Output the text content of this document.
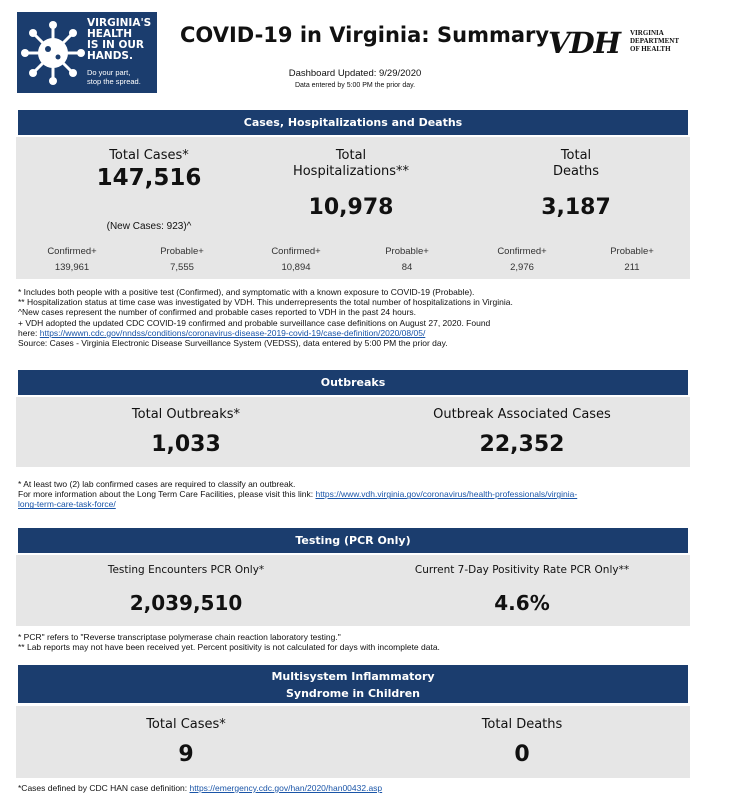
VIRGINIA'S
HEALTH
IS IN OUR
HANDS.
Do your part,
stop the spread.
COVID-19 in Virginia: Summary
VDH VIRGINIA
DEPARTMENT
OF HEALTH
Dashboard Updated: 9/29/2020
Data entered by 5:00 PM the prior day.
Cases, Hospitalizations and Deaths
Total Cases*
147,516
(New Cases: 923)^
Total
Hospitalizations**
10,978
Total
Deaths
3,187
Confirmed+
139,961
Probable+
7,555
Confirmed+
10,894
Probable+
84
Confirmed+
2,976
Probable+
211
* Includes both people with a positive test (Confirmed), and symptomatic with a known exposure to COVID-19 (Probable).
** Hospitalization status at time case was investigated by VDH. This underrepresents the total number of hospitalizations in Virginia.
^New cases represent the number of confirmed and probable cases reported to VDH in the past 24 hours.
+ VDH adopted the updated CDC COVID-19 confirmed and probable surveillance case definitions on August 27, 2020. Found
here: https://wwwn.cdc.gov/nndss/conditions/coronavirus-disease-2019-covid-19/case-definition/2020/08/05/
Source: Cases - Virginia Electronic Disease Surveillance System (VEDSS), data entered by 5:00 PM the prior day.
Outbreaks
Total Outbreaks*
1,033
Outbreak Associated Cases
22,352
* At least two (2) lab confirmed cases are required to classify an outbreak.
For more information about the Long Term Care Facilities, please visit this link: https://www.vdh.virginia.gov/coronavirus/health-professionals/virginia-
long-term-care-task-force/
Testing (PCR Only)
Testing Encounters PCR Only*
2,039,510
Current 7-Day Positivity Rate PCR Only**
4.6%
* PCR" refers to "Reverse transcriptase polymerase chain reaction laboratory testing."
** Lab reports may not have been received yet. Percent positivity is not calculated for days with incomplete data.
Multisystem Inflammatory
Syndrome in Children
Total Cases*
9
Total Deaths
0
*Cases defined by CDC HAN case definition: https://emergency.cdc.gov/han/2020/han00432.asp
